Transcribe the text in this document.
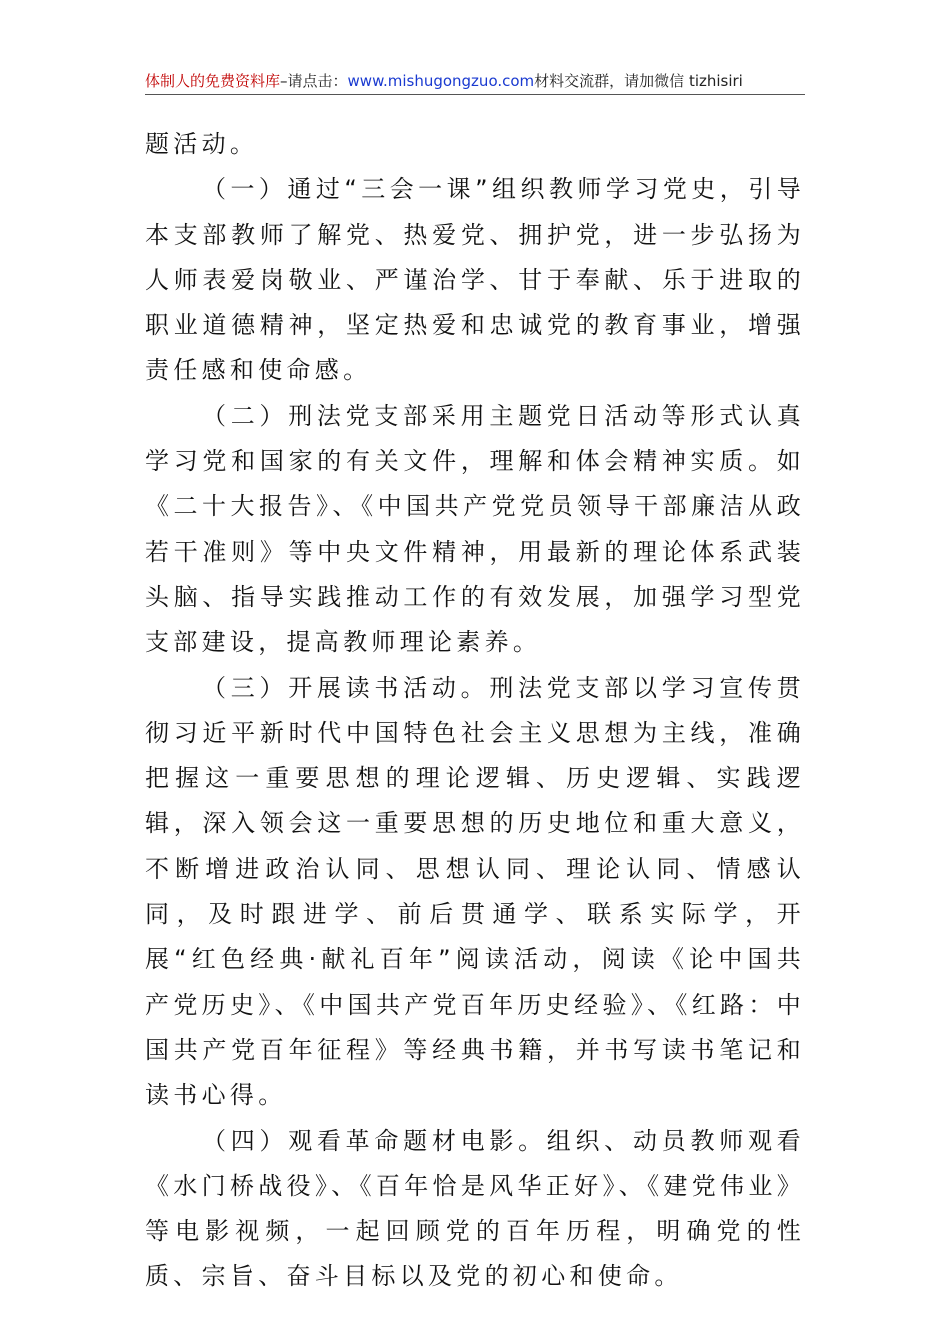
体制人的免费资料库–请点击：www.mishugongzuo.com材料交流群，请加微信 tizhisiri

题活动。

（一）通过“三会一课”组织教师学习党史，引导本支部教师了解党、热爱党、拥护党，进一步弘扬为人师表爱岗敬业、严谨治学、甘于奉献、乐于进取的职业道德精神，坚定热爱和忠诚党的教育事业，增强责任感和使命感。

（二）刑法党支部采用主题党日活动等形式认真学习党和国家的有关文件，理解和体会精神实质。如《二十大报告》、《中国共产党党员领导干部廉洁从政若干准则》等中央文件精神，用最新的理论体系武装头脑、指导实践推动工作的有效发展，加强学习型党支部建设，提高教师理论素养。

（三）开展读书活动。刑法党支部以学习宣传贯彻习近平新时代中国特色社会主义思想为主线，准确把握这一重要思想的理论逻辑、历史逻辑、实践逻辑，深入领会这一重要思想的历史地位和重大意义，不断增进政治认同、思想认同、理论认同、情感认同，及时跟进学、前后贯通学、联系实际学，开展“红色经典·献礼百年”阅读活动，阅读《论中国共产党历史》、《中国共产党百年历史经验》、《红路：中国共产党百年征程》等经典书籍，并书写读书笔记和读书心得。

（四）观看革命题材电影。组织、动员教师观看《水门桥战役》、《百年恰是风华正好》、《建党伟业》等电影视频，一起回顾党的百年历程，明确党的性质、宗旨、奋斗目标以及党的初心和使命。
